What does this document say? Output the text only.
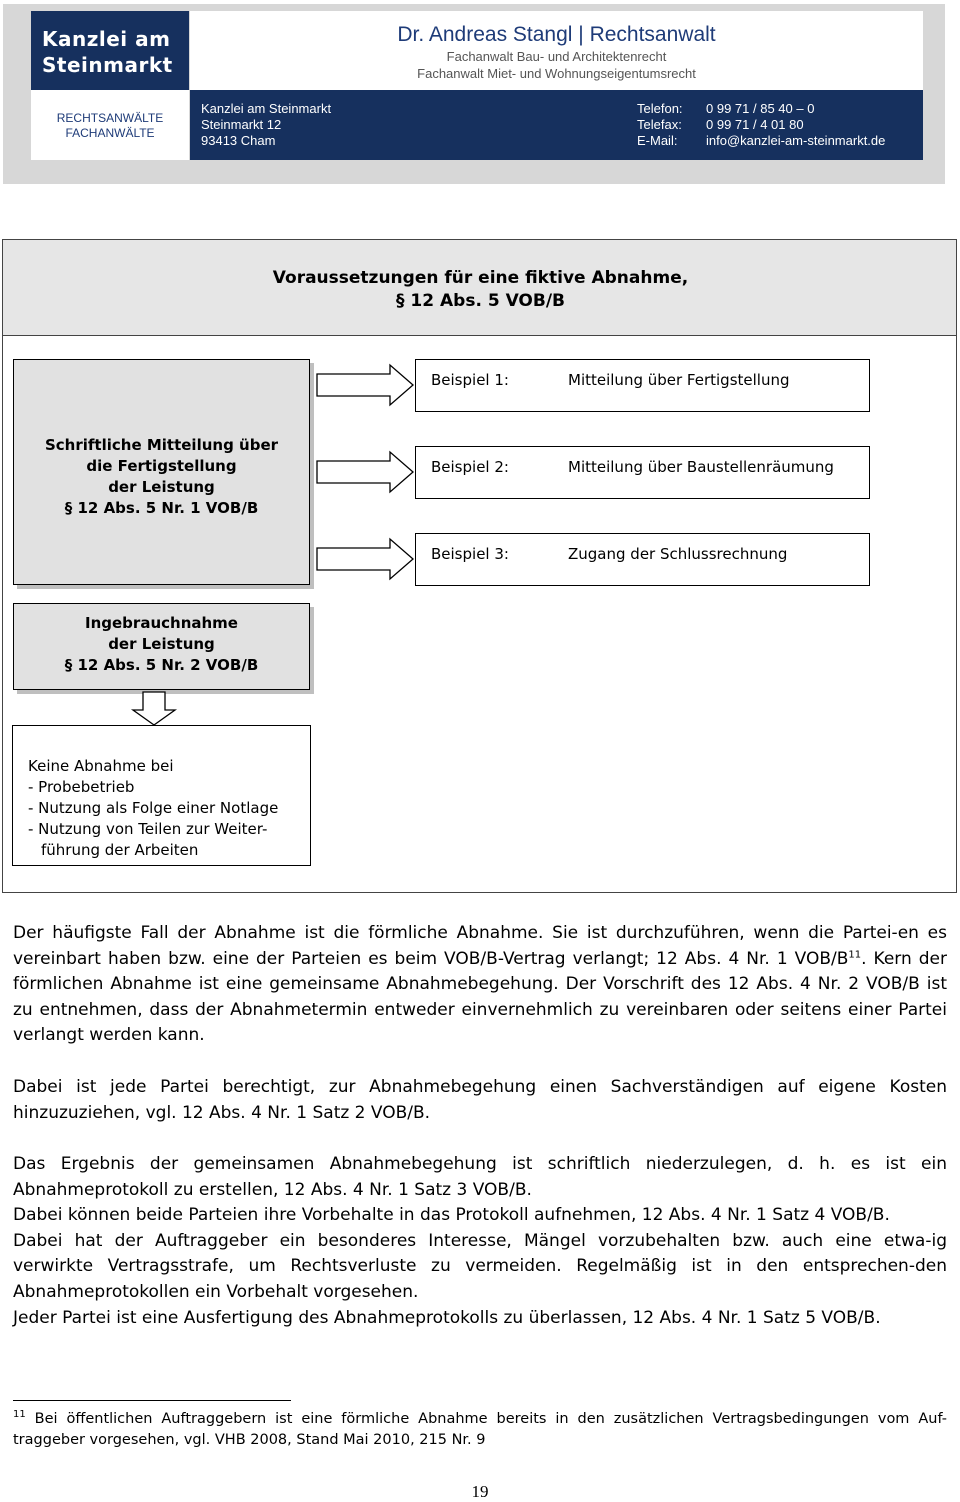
Kanzlei am
Steinmarkt
Dr. Andreas Stangl | Rechtsanwalt
Fachanwalt Bau- und Architektenrecht
Fachanwalt Miet- und Wohnungseigentumsrecht
RECHTSANWÄLTE
FACHANWÄLTE
Kanzlei am Steinmarkt
Steinmarkt 12
93413 Cham
Telefon: 0 99 71 / 85 40 – 0
Telefax: 0 99 71 / 4 01 80
E-Mail: info@kanzlei-am-steinmarkt.de
Voraussetzungen für eine fiktive Abnahme,
§ 12 Abs. 5 VOB/B
Schriftliche Mitteilung über
die Fertigstellung
der Leistung
§ 12 Abs. 5 Nr. 1 VOB/B
Beispiel 1:	Mitteilung über Fertigstellung
Beispiel 2:	Mitteilung über Baustellenräumung
Beispiel 3:	Zugang der Schlussrechnung
Ingebrauchnahme
der Leistung
§ 12 Abs. 5 Nr. 2 VOB/B
Keine Abnahme bei
- Probebetrieb
- Nutzung als Folge einer Notlage
- Nutzung von Teilen zur Weiter-
führung der Arbeiten

Der häufigste Fall der Abnahme ist die förmliche Abnahme. Sie ist durchzuführen, wenn die Partei-en es vereinbart haben bzw. eine der Parteien es beim VOB/B-Vertrag verlangt; 12 Abs. 4 Nr. 1 VOB/$B^{11}$. Kern der förmlichen Abnahme ist eine gemeinsame Abnahmebegehung. Der Vorschrift des 12 Abs. 4 Nr. 2 VOB/B ist zu entnehmen, dass der Abnahmetermin entweder einvernehmlich zu vereinbaren oder seitens einer Partei verlangt werden kann.

Dabei ist jede Partei berechtigt, zur Abnahmebegehung einen Sachverständigen auf eigene Kosten hinzuzuziehen, vgl. 12 Abs. 4 Nr. 1 Satz 2 VOB/B.

Das Ergebnis der gemeinsamen Abnahmebegehung ist schriftlich niederzulegen, d. h. es ist ein Abnahmeprotokoll zu erstellen, 12 Abs. 4 Nr. 1 Satz 3 VOB/B.

Dabei können beide Parteien ihre Vorbehalte in das Protokoll aufnehmen, 12 Abs. 4 Nr. 1 Satz 4 VOB/B.

Dabei hat der Auftraggeber ein besonderes Interesse, Mängel vorzubehalten bzw. auch eine etwa-ig verwirkte Vertragsstrafe, um Rechtsverluste zu vermeiden. Regelmäßig ist in den entsprechen-den Abnahmeprotokollen ein Vorbehalt vorgesehen.

Jeder Partei ist eine Ausfertigung des Abnahmeprotokolls zu überlassen, 12 Abs. 4 Nr. 1 Satz 5 VOB/B.

$^{11}$ Bei öffentlichen Auftraggebern ist eine förmliche Abnahme bereits in den zusätzlichen Vertragsbedingungen vom Auf-traggeber vorgesehen, vgl. VHB 2008, Stand Mai 2010, 215 Nr. 9
19
